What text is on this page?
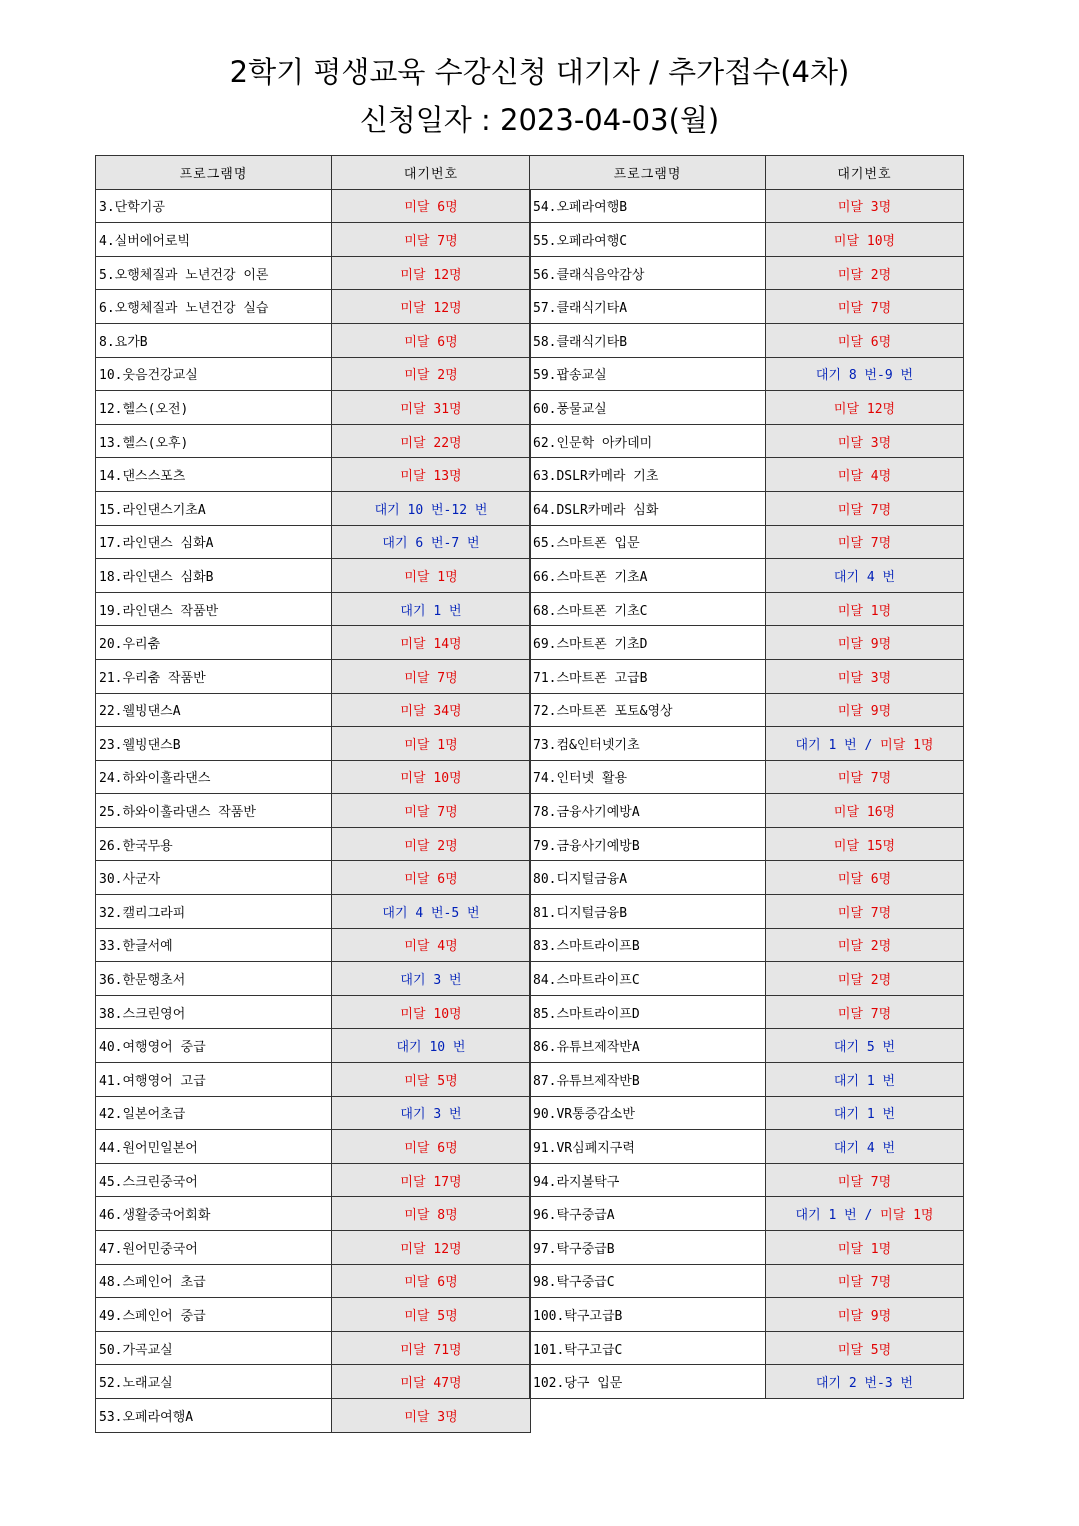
2학기 평생교육 수강신청 대기자 / 추가접수(4차)
신청일자 : 2023-04-03(월)
프로그램명	대기번호
3.단학기공	미달 6명
4.실버에어로빅	미달 7명
5.오행체질과 노년건강 이론	미달 12명
6.오행체질과 노년건강 실습	미달 12명
8.요가B	미달 6명
10.웃음건강교실	미달 2명
12.헬스(오전)	미달 31명
13.헬스(오후)	미달 22명
14.댄스스포츠	미달 13명
15.라인댄스기초A	대기 10 번-12 번
17.라인댄스 심화A	대기 6 번-7 번
18.라인댄스 심화B	미달 1명
19.라인댄스 작품반	대기 1 번
20.우리춤	미달 14명
21.우리춤 작품반	미달 7명
22.웰빙댄스A	미달 34명
23.웰빙댄스B	미달 1명
24.하와이훌라댄스	미달 10명
25.하와이훌라댄스 작품반	미달 7명
26.한국무용	미달 2명
30.사군자	미달 6명
32.캘리그라피	대기 4 번-5 번
33.한글서예	미달 4명
36.한문행초서	대기 3 번
38.스크린영어	미달 10명
40.여행영어 중급	대기 10 번
41.여행영어 고급	미달 5명
42.일본어초급	대기 3 번
44.원어민일본어	미달 6명
45.스크린중국어	미달 17명
46.생활중국어회화	미달 8명
47.원어민중국어	미달 12명
48.스페인어 초급	미달 6명
49.스페인어 중급	미달 5명
50.가곡교실	미달 71명
52.노래교실	미달 47명
53.오페라여행A	미달 3명
프로그램명	대기번호
54.오페라여행B	미달 3명
55.오페라여행C	미달 10명
56.클래식음악감상	미달 2명
57.클래식기타A	미달 7명
58.클래식기타B	미달 6명
59.팝송교실	대기 8 번-9 번
60.풍물교실	미달 12명
62.인문학 아카데미	미달 3명
63.DSLR카메라 기초	미달 4명
64.DSLR카메라 심화	미달 7명
65.스마트폰 입문	미달 7명
66.스마트폰 기초A	대기 4 번
68.스마트폰 기초C	미달 1명
69.스마트폰 기초D	미달 9명
71.스마트폰 고급B	미달 3명
72.스마트폰 포토&영상	미달 9명
73.컴&인터넷기초	대기 1 번 / 미달 1명
74.인터넷 활용	미달 7명
78.금융사기예방A	미달 16명
79.금융사기예방B	미달 15명
80.디지털금융A	미달 6명
81.디지털금융B	미달 7명
83.스마트라이프B	미달 2명
84.스마트라이프C	미달 2명
85.스마트라이프D	미달 7명
86.유튜브제작반A	대기 5 번
87.유튜브제작반B	대기 1 번
90.VR통증감소반	대기 1 번
91.VR심폐지구력	대기 4 번
94.라지볼탁구	미달 7명
96.탁구중급A	대기 1 번 / 미달 1명
97.탁구중급B	미달 1명
98.탁구중급C	미달 7명
100.탁구고급B	미달 9명
101.탁구고급C	미달 5명
102.당구 입문	대기 2 번-3 번
